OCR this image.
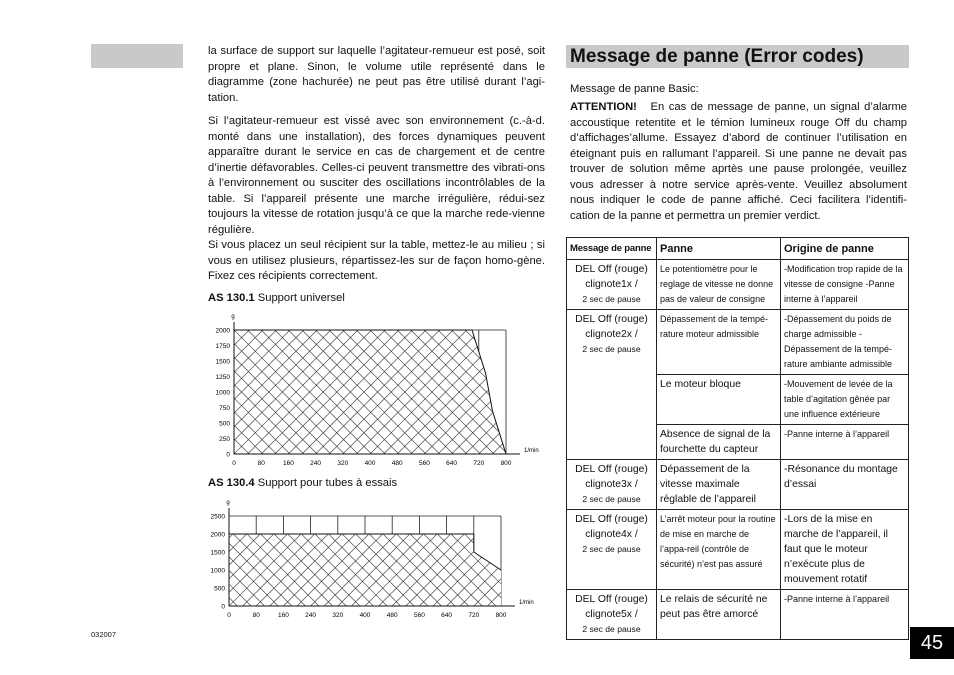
la surface de support sur laquelle l’agitateur-remueur est posé, soit propre et plane. Sinon, le volume utile représenté dans le diagramme (zone hachurée) ne peut pas être utilisé durant l’agi-tation.

Si l’agitateur-remueur est vissé avec son environnement (c.-à-d. monté dans une installation), des forces dynamiques peuvent apparaître durant le service en cas de chargement et de centre d’inertie défavorables. Celles-ci peuvent transmettre des vibrati-ons à l’environnement ou susciter des oscillations incontrôlables de la table. Si l’appareil présente une marche irrégulière, rédui-sez toujours la vitesse de rotation jusqu’à ce que la marche rede-vienne régulière.

Si vous placez un seul récipient sur la table, mettez-le au milieu ; si vous en utilisez plusieurs, répartissez-les sur de façon homo-gène. Fixez ces récipients correctement.

AS 130.1 Support universel
2000
1750
1500
1250
1000
750
500
250
0
0	80	160	240	320	400	480	560	640	720	800
g
1/min
AS 130.4 Support pour tubes à essais
2500
2000
1500
1000
500
0
0	80	160	240	320	400	480	560	640	720	800
g
1/min
Message de panne (Error codes)
Message de panne Basic:
ATTENTION! En cas de message de panne, un signal d’alarme accoustique retentite et le témion lumineux rouge Off du champ d’affichages’allume. Essayez d’abord de continuer l’utilisation en éteignant puis en rallumant l’appareil. Si une panne ne devait pas trouver de solution même aprtès une pause prolongée, veuillez vous adresser à notre service après-vente. Veuillez absolument nous indiquer le code de panne affiché. Ceci facilitera l’identifi-cation de la panne et permettra un premier verdict.
Message de panne	Panne	Origine de panne

DEL Off (rouge) clignote1x /
2 sec de pause	Le potentiomètre pour le reglage de vitesse ne donne pas de valeur de consigne	-Modification trop rapide de la vitesse de consigne -Panne interne à l’appareil

DEL Off (rouge) clignote2x /
2 sec de pause	Dépassement de la tempé-rature moteur admissible	-Dépassement du poids de charge admissible -Dépassement de la tempé-rature ambiante admissible
	Le moteur bloque	-Mouvement de levée de la table d’agitation gênée par une influence extérieure
	Absence de signal de la fourchette du capteur	-Panne interne à l’appareil

DEL Off (rouge) clignote3x /
2 sec de pause	Dépassement de la vitesse maximale réglable de l’appareil	-Résonance du montage d’essai

DEL Off (rouge) clignote4x /
2 sec de pause	L’arrêt moteur pour la routine de mise en marche de l’appa-reil (contrôle de sécurité) n’est pas assuré	-Lors de la mise en marche de l’appareil, il faut que le moteur n’exécute plus de mouvement rotatif

DEL Off (rouge) clignote5x /
2 sec de pause	Le relais de sécurité ne peut pas être amorcé	-Panne interne à l’appareil
032007	45
